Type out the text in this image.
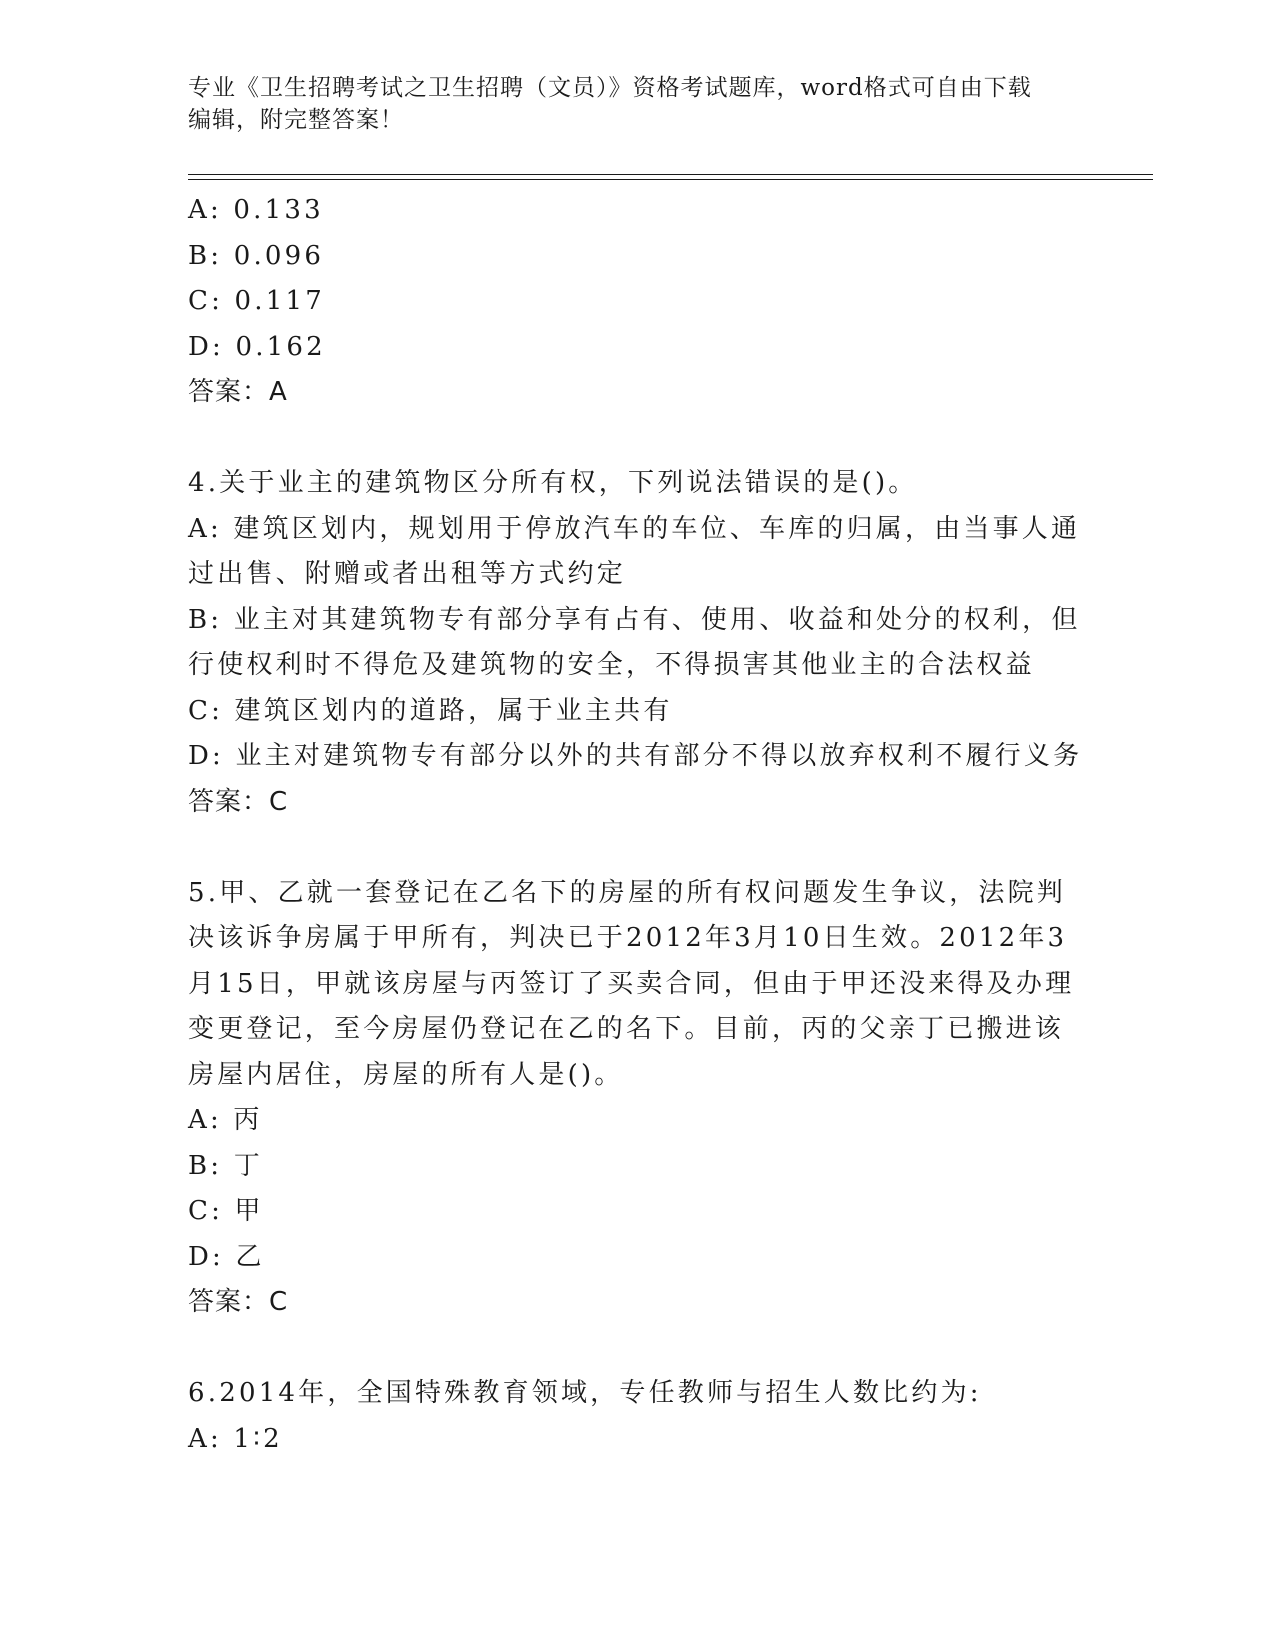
专业《卫生招聘考试之卫生招聘（文员）》资格考试题库，word格式可自由下载
编辑，附完整答案！
A: 0.133
B: 0.096
C: 0.117
D: 0.162
答案：A
4.关于业主的建筑物区分所有权，下列说法错误的是()。
A: 建筑区划内，规划用于停放汽车的车位、车库的归属，由当事人通
过出售、附赠或者出租等方式约定
B: 业主对其建筑物专有部分享有占有、使用、收益和处分的权利，但
行使权利时不得危及建筑物的安全，不得损害其他业主的合法权益
C: 建筑区划内的道路，属于业主共有
D: 业主对建筑物专有部分以外的共有部分不得以放弃权利不履行义务
答案：C
5.甲、乙就一套登记在乙名下的房屋的所有权问题发生争议，法院判
决该诉争房属于甲所有，判决已于2012年3月10日生效。2012年3
月15日，甲就该房屋与丙签订了买卖合同，但由于甲还没来得及办理
变更登记，至今房屋仍登记在乙的名下。目前，丙的父亲丁已搬进该
房屋内居住，房屋的所有人是()。
A: 丙
B: 丁
C: 甲
D: 乙
答案：C
6.2014年，全国特殊教育领域，专任教师与招生人数比约为:
A: 1∶2
